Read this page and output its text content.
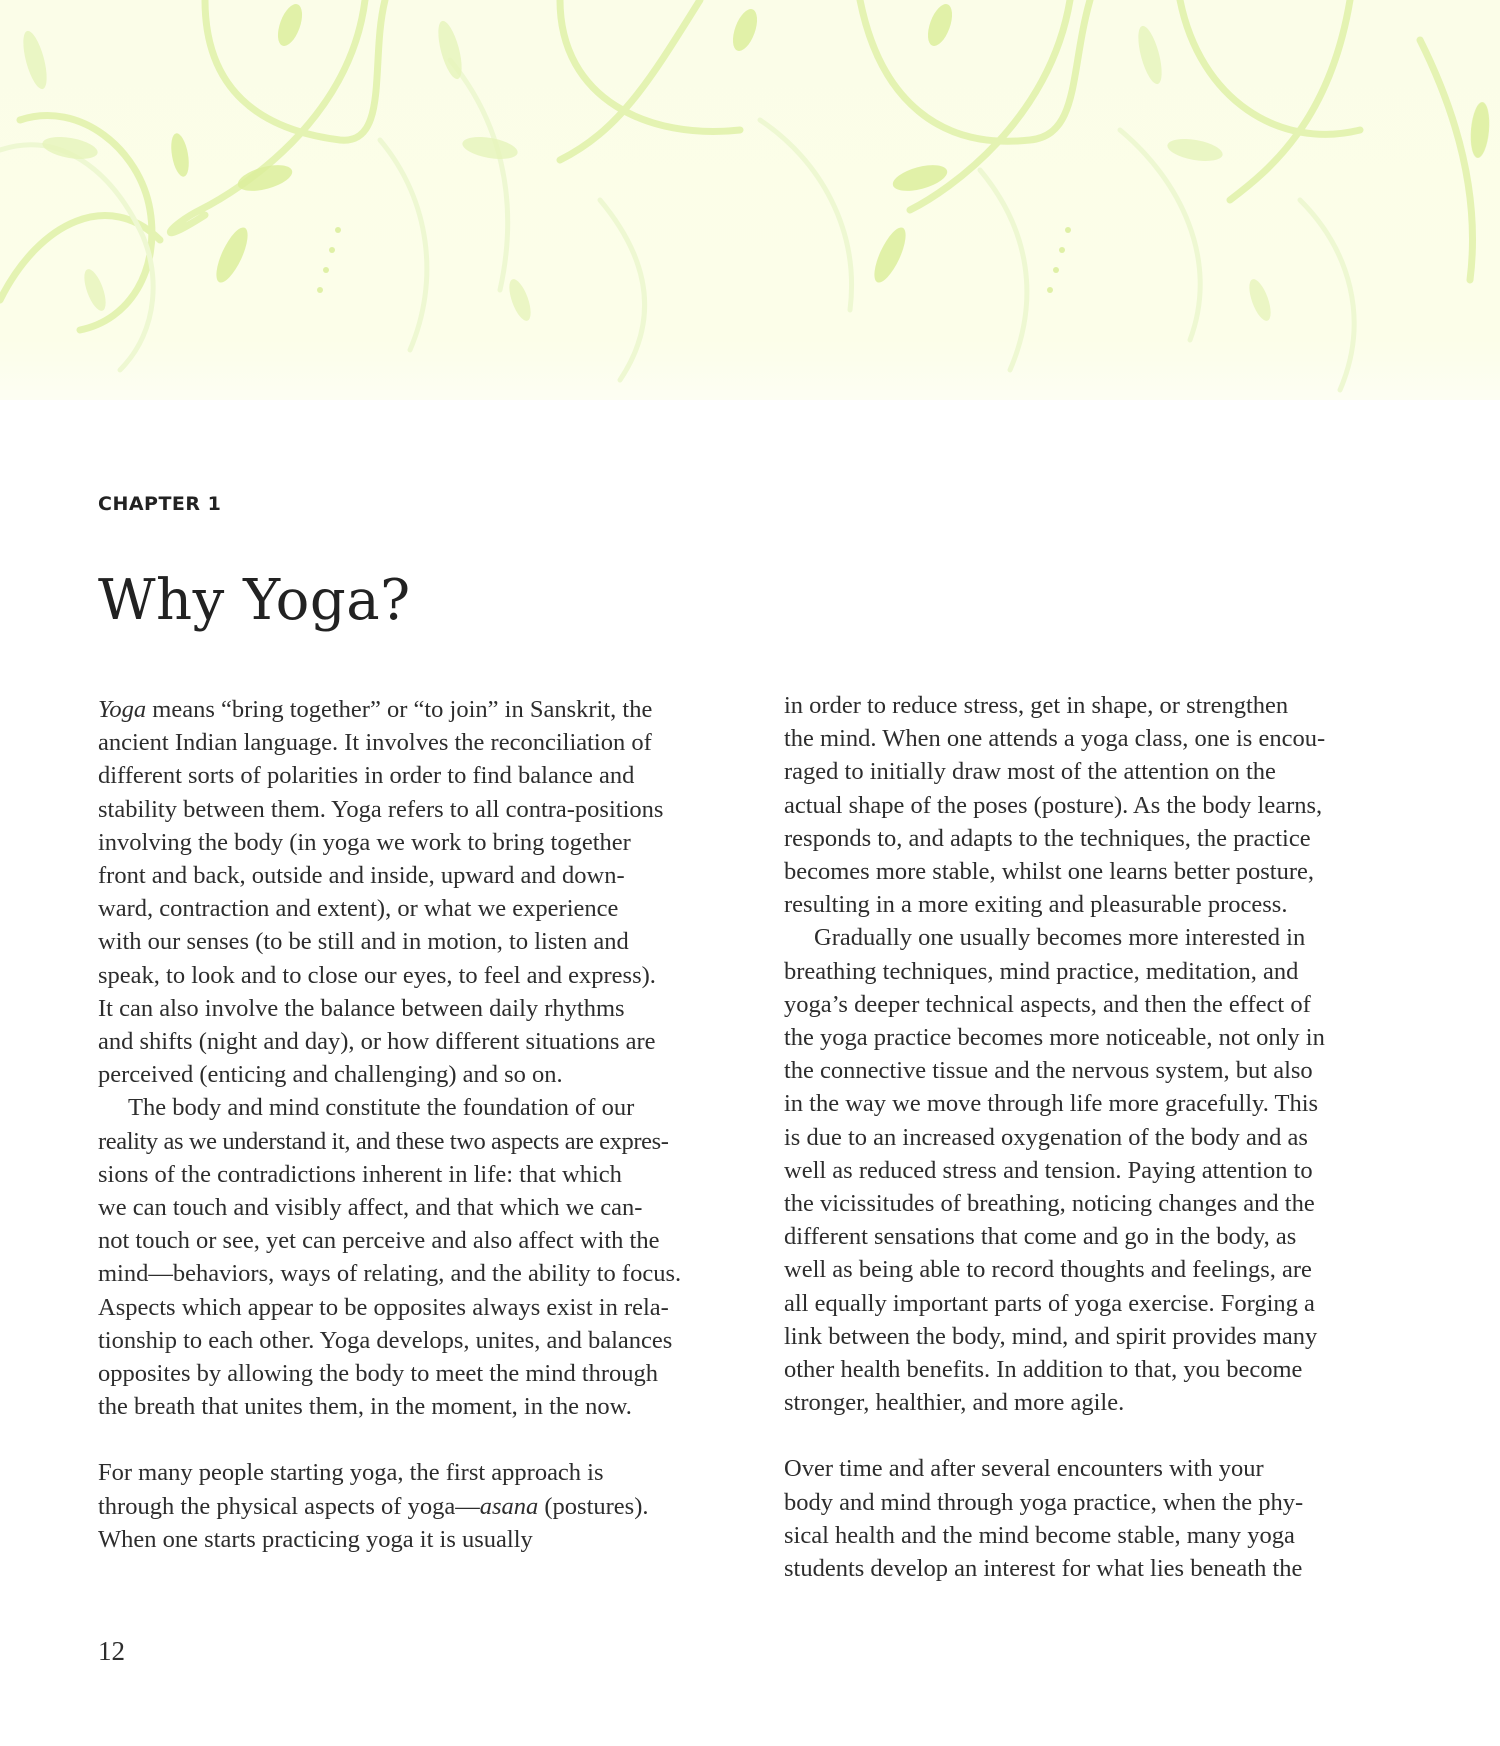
CHAPTER 1
Why Yoga?

Yoga means “bring together” or “to join” in Sanskrit, the
ancient Indian language. It involves the reconciliation of
different sorts of polarities in order to find balance and
stability between them. Yoga refers to all contra-positions
involving the body (in yoga we work to bring together
front and back, outside and inside, upward and down-
ward, contraction and extent), or what we experience
with our senses (to be still and in motion, to listen and
speak, to look and to close our eyes, to feel and express).
It can also involve the balance between daily rhythms
and shifts (night and day), or how different situations are
perceived (enticing and challenging) and so on.

The body and mind constitute the foundation of our
reality as we understand it, and these two aspects are expres-
sions of the contradictions inherent in life: that which
we can touch and visibly affect, and that which we can-
not touch or see, yet can perceive and also affect with the
mind—behaviors, ways of relating, and the ability to focus.
Aspects which appear to be opposites always exist in rela-
tionship to each other. Yoga develops, unites, and balances
opposites by allowing the body to meet the mind through
the breath that unites them, in the moment, in the now.

For many people starting yoga, the first approach is
through the physical aspects of yoga—asana (postures).
When one starts practicing yoga it is usually

in order to reduce stress, get in shape, or strengthen
the mind. When one attends a yoga class, one is encou-
raged to initially draw most of the attention on the
actual shape of the poses (posture). As the body learns,
responds to, and adapts to the techniques, the practice
becomes more stable, whilst one learns better posture,
resulting in a more exiting and pleasurable process.

Gradually one usually becomes more interested in
breathing techniques, mind practice, meditation, and
yoga’s deeper technical aspects, and then the effect of
the yoga practice becomes more noticeable, not only in
the connective tissue and the nervous system, but also
in the way we move through life more gracefully. This
is due to an increased oxygenation of the body and as
well as reduced stress and tension. Paying attention to
the vicissitudes of breathing, noticing changes and the
different sensations that come and go in the body, as
well as being able to record thoughts and feelings, are
all equally important parts of yoga exercise. Forging a
link between the body, mind, and spirit provides many
other health benefits. In addition to that, you become
stronger, healthier, and more agile.

Over time and after several encounters with your
body and mind through yoga practice, when the phy-
sical health and the mind become stable, many yoga
students develop an interest for what lies beneath the

12
